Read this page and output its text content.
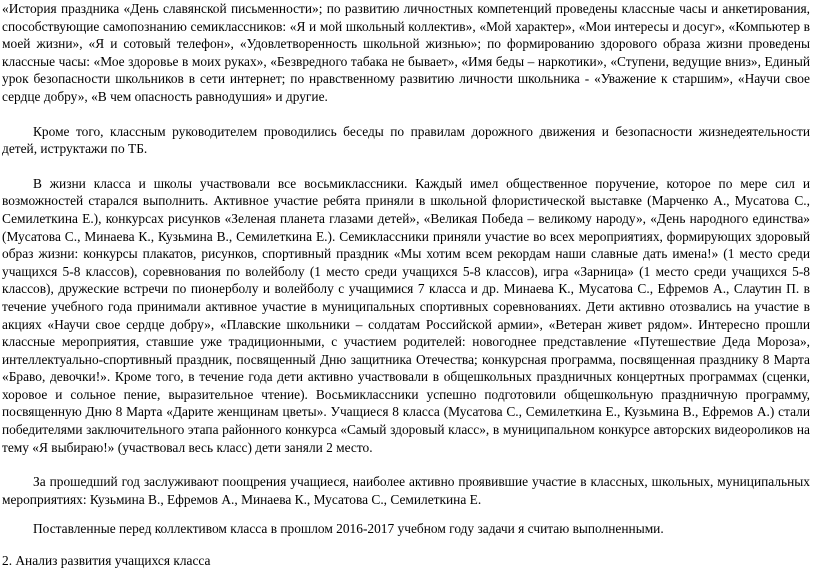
«История праздника «День славянской письменности»; по развитию личностных компетенций проведены классные часы и анкетирования, способствующие самопознанию семиклассников: «Я и мой школьный коллектив», «Мой характер», «Мои интересы и досуг», «Компьютер в моей жизни», «Я и сотовый телефон», «Удовлетворенность школьной жизнью»; по формированию здорового образа жизни проведены классные часы: «Мое здоровье в моих руках», «Безвредного табака не бывает», «Имя беды – наркотики», «Ступени, ведущие вниз», Единый урок безопасности школьников в сети интернет; по нравственному развитию личности школьника - «Уважение к старшим», «Научи свое сердце добру», «В чем опасность равнодушия» и другие.

Кроме того, классным руководителем проводились беседы по правилам дорожного движения и безопасности жизнедеятельности детей, иструктажи по ТБ.

В жизни класса и школы участвовали все восьмиклассники. Каждый имел общественное поручение, которое по мере сил и возможностей старался выполнить. Активное участие ребята приняли в школьной флористической выставке (Марченко А., Мусатова С., Семилеткина Е.), конкурсах рисунков «Зеленая планета глазами детей», «Великая Победа – великому народу», «День народного единства» (Мусатова С., Минаева К., Кузьмина В., Семилеткина Е.). Семиклассники приняли участие во всех мероприятиях, формирующих здоровый образ жизни: конкурсы плакатов, рисунков, спортивный праздник «Мы хотим всем рекордам наши славные дать имена!» (1 место среди учащихся 5-8 классов), соревнования по волейболу (1 место среди учащихся 5-8 классов), игра «Зарница» (1 место среди учащихся 5-8 классов), дружеские встречи по пионерболу и волейболу с учащимися 7 класса и др. Минаева К., Мусатова С., Ефремов А., Слаутин П. в течение учебного года принимали активное участие в муниципальных спортивных соревнованиях. Дети активно отозвались на участие в акциях «Научи свое сердце добру», «Плавские школьники – солдатам Российской армии», «Ветеран живет рядом». Интересно прошли классные мероприятия, ставшие уже традиционными, с участием родителей: новогоднее представление «Путешествие Деда Мороза», интеллектуально-спортивный праздник, посвященный Дню защитника Отечества; конкурсная программа, посвященная празднику 8 Марта «Браво, девочки!». Кроме того, в течение года дети активно участвовали в общешкольных праздничных концертных программах (сценки, хоровое и сольное пение, выразительное чтение). Восьмиклассники успешно подготовили общешкольную праздничную программу, посвященную Дню 8 Марта «Дарите женщинам цветы». Учащиеся 8 класса (Мусатова С., Семилеткина Е., Кузьмина В., Ефремов А.) стали победителями заключительного этапа районного конкурса «Самый здоровый класс», в муниципальном конкурсе авторских видеороликов на тему «Я выбираю!» (участвовал весь класс) дети заняли 2 место.

За прошедший год заслуживают поощрения учащиеся, наиболее активно проявившие участие в классных, школьных, муниципальных мероприятиях: Кузьмина В., Ефремов А., Минаева К., Мусатова С., Семилеткина Е.

Поставленные перед коллективом класса в прошлом 2016-2017 учебном году задачи я считаю выполненными.

2. Анализ развития учащихся класса
